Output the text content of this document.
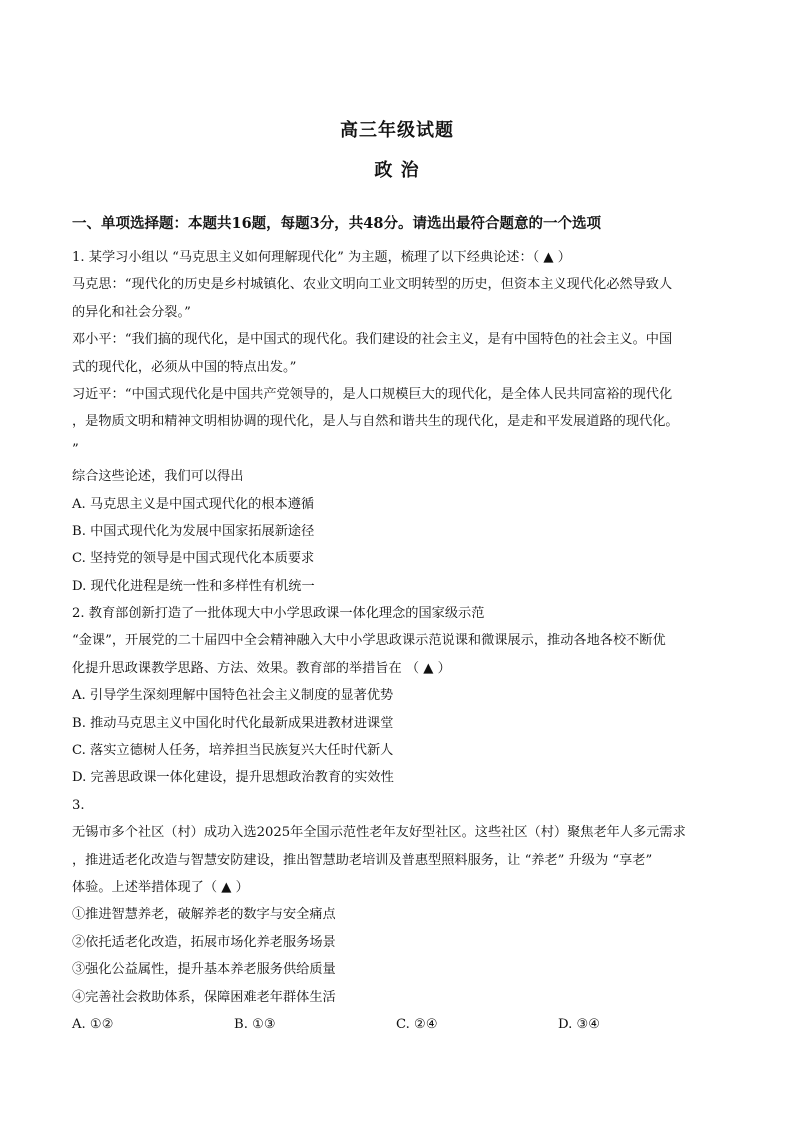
高三年级试题
政 治
一、单项选择题：本题共16题，每题3分，共48分。请选出最符合题意的一个选项
1. 某学习小组以 “马克思主义如何理解现代化” 为主题，梳理了以下经典论述：（ ▲ ）
马克思：“现代化的历史是乡村城镇化、农业文明向工业文明转型的历史，但资本主义现代化必然导致人
的异化和社会分裂。”
邓小平：“我们搞的现代化，是中国式的现代化。我们建设的社会主义，是有中国特色的社会主义。中国
式的现代化，必须从中国的特点出发。”
习近平：“中国式现代化是中国共产党领导的，是人口规模巨大的现代化，是全体人民共同富裕的现代化
，是物质文明和精神文明相协调的现代化，是人与自然和谐共生的现代化，是走和平发展道路的现代化。
”
综合这些论述，我们可以得出
A. 马克思主义是中国式现代化的根本遵循
B. 中国式现代化为发展中国家拓展新途径
C. 坚持党的领导是中国式现代化本质要求
D. 现代化进程是统一性和多样性有机统一
2. 教育部创新打造了一批体现大中小学思政课一体化理念的国家级示范
“金课”，开展党的二十届四中全会精神融入大中小学思政课示范说课和微课展示，推动各地各校不断优
化提升思政课教学思路、方法、效果。教育部的举措旨在 （ ▲ ）
A. 引导学生深刻理解中国特色社会主义制度的显著优势
B. 推动马克思主义中国化时代化最新成果进教材进课堂
C. 落实立德树人任务，培养担当民族复兴大任时代新人
D. 完善思政课一体化建设，提升思想政治教育的实效性
3.
无锡市多个社区（村）成功入选2025年全国示范性老年友好型社区。这些社区（村）聚焦老年人多元需求
，推进适老化改造与智慧安防建设，推出智慧助老培训及普惠型照料服务，让 “养老” 升级为 “享老”
体验。上述举措体现了（ ▲ ）
①推进智慧养老，破解养老的数字与安全痛点
②依托适老化改造，拓展市场化养老服务场景
③强化公益属性，提升基本养老服务供给质量
④完善社会救助体系，保障困难老年群体生活
A. ①②	B. ①③	C. ②④	D. ③④
